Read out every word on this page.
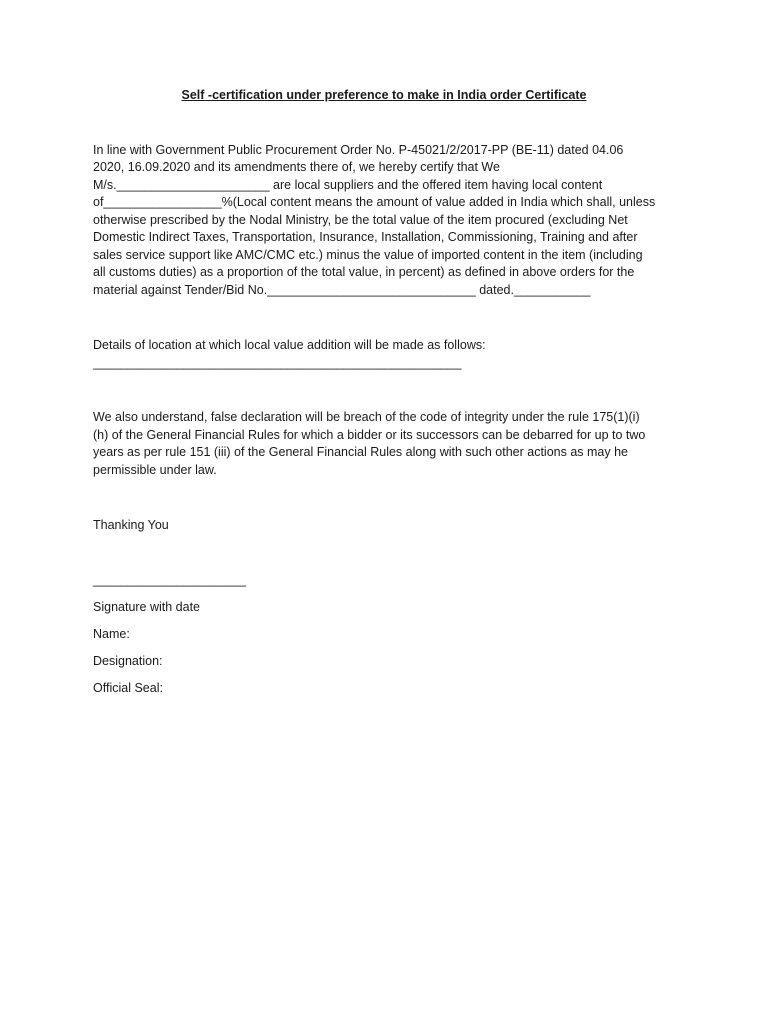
Self -certification under preference to make in India order Certificate
In line with Government Public Procurement Order No. P-45021/2/2017-PP (BE-11) dated 04.06
2020, 16.09.2020 and its amendments there of, we hereby certify that We
M/s.______________________ are local suppliers and the offered item having local content
of_________________%(Local content means the amount of value added in India which shall, unless
otherwise prescribed by the Nodal Ministry, be the total value of the item procured (excluding Net
Domestic Indirect Taxes, Transportation, Insurance, Installation, Commissioning, Training and after
sales service support like AMC/CMC etc.) minus the value of imported content in the item (including
all customs duties) as a proportion of the total value, in percent) as defined in above orders for the
material against Tender/Bid No.______________________________ dated.___________
Details of location at which local value addition will be made as follows:
_____________________________________________________
We also understand, false declaration will be breach of the code of integrity under the rule 175(1)(i)
(h) of the General Financial Rules for which a bidder or its successors can be debarred for up to two
years as per rule 151 (iii) of the General Financial Rules along with such other actions as may he
permissible under law.
Thanking You
______________________
Signature with date
Name:
Designation:
Official Seal:
